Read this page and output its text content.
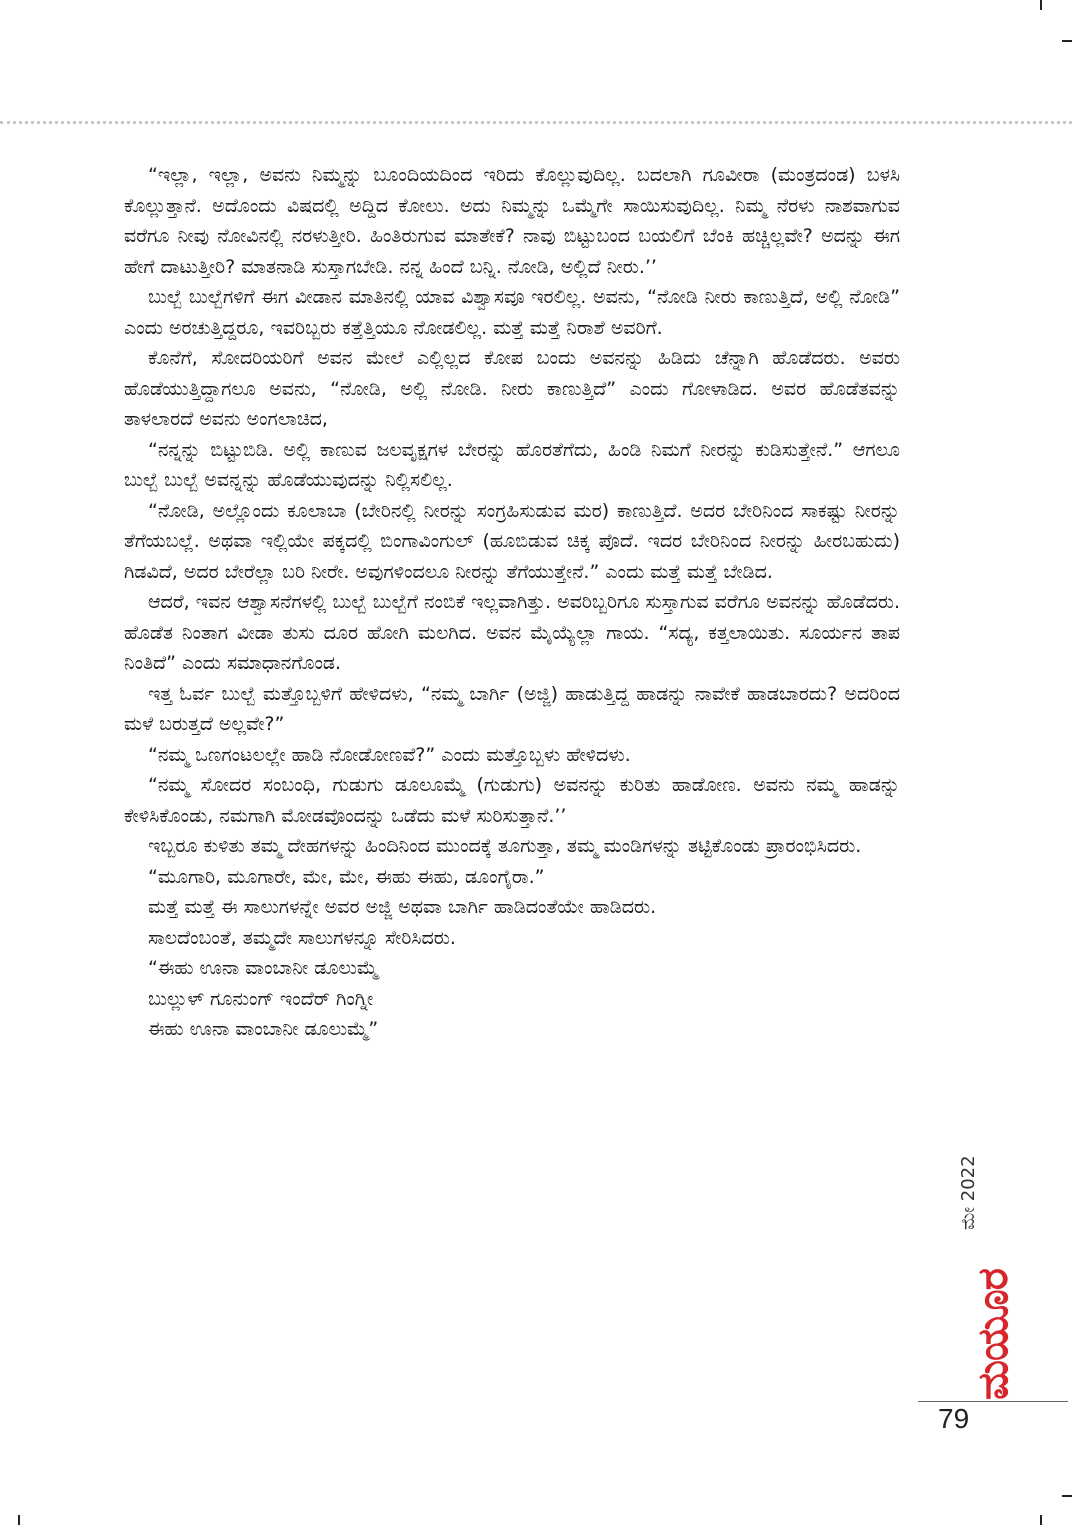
“ಇಲ್ಲಾ, ಇಲ್ಲಾ, ಅವನು ನಿಮ್ಮನ್ನು ಬೂಂದಿಯದಿಂದ ಇರಿದು ಕೊಲ್ಲುವುದಿಲ್ಲ. ಬದಲಾಗಿ ಗೂವೀರಾ (ಮಂತ್ರದಂಡ) ಬಳಸಿ ಕೊಲ್ಲುತ್ತಾನೆ. ಅದೊಂದು ವಿಷದಲ್ಲಿ ಅದ್ದಿದ ಕೋಲು. ಅದು ನಿಮ್ಮನ್ನು ಒಮ್ಮೆಗೇ ಸಾಯಿಸುವುದಿಲ್ಲ. ನಿಮ್ಮ ನೆರಳು ನಾಶವಾಗುವ ವರೆಗೂ ನೀವು ನೋವಿನಲ್ಲಿ ನರಳುತ್ತೀರಿ. ಹಿಂತಿರುಗುವ ಮಾತೇಕೆ? ನಾವು ಬಿಟ್ಟುಬಂದ ಬಯಲಿಗೆ ಬೆಂಕಿ ಹಚ್ಚಿಲ್ಲವೇ? ಅದನ್ನು ಈಗ ಹೇಗೆ ದಾಟುತ್ತೀರಿ? ಮಾತನಾಡಿ ಸುಸ್ತಾಗಬೇಡಿ. ನನ್ನ ಹಿಂದೆ ಬನ್ನಿ. ನೋಡಿ, ಅಲ್ಲಿದೆ ನೀರು.’’

ಬುಲ್ಬೆ ಬುಲ್ಬೆಗಳಿಗೆ ಈಗ ವೀಡಾನ ಮಾತಿನಲ್ಲಿ ಯಾವ ವಿಶ್ವಾಸವೂ ಇರಲಿಲ್ಲ. ಅವನು, “ನೋಡಿ ನೀರು ಕಾಣುತ್ತಿದೆ, ಅಲ್ಲಿ ನೋಡಿ” ಎಂದು ಅರಚುತ್ತಿದ್ದರೂ, ಇವರಿಬ್ಬರು ಕತ್ತೆತ್ತಿಯೂ ನೋಡಲಿಲ್ಲ. ಮತ್ತೆ ಮತ್ತೆ ನಿರಾಶೆ ಅವರಿಗೆ.

ಕೊನೆಗೆ, ಸೋದರಿಯರಿಗೆ ಅವನ ಮೇಲೆ ಎಲ್ಲಿಲ್ಲದ ಕೋಪ ಬಂದು ಅವನನ್ನು ಹಿಡಿದು ಚೆನ್ನಾಗಿ ಹೊಡೆದರು. ಅವರು ಹೊಡೆಯುತ್ತಿದ್ದಾಗಲೂ ಅವನು, “ನೋಡಿ, ಅಲ್ಲಿ ನೋಡಿ. ನೀರು ಕಾಣುತ್ತಿದೆ” ಎಂದು ಗೋಳಾಡಿದ. ಅವರ ಹೊಡೆತವನ್ನು ತಾಳಲಾರದೆ ಅವನು ಅಂಗಲಾಚಿದ,

“ನನ್ನನ್ನು ಬಿಟ್ಟುಬಿಡಿ. ಅಲ್ಲಿ ಕಾಣುವ ಜಲವೃಕ್ಷಗಳ ಬೇರನ್ನು ಹೊರತೆಗೆದು, ಹಿಂಡಿ ನಿಮಗೆ ನೀರನ್ನು ಕುಡಿಸುತ್ತೇನೆ.” ಆಗಲೂ ಬುಲ್ಬೆ ಬುಲ್ಬೆ ಅವನ್ನನ್ನು ಹೊಡೆಯುವುದನ್ನು ನಿಲ್ಲಿಸಲಿಲ್ಲ.

“ನೋಡಿ, ಅಲ್ಲೊಂದು ಕೂಲಾಬಾ (ಬೇರಿನಲ್ಲಿ ನೀರನ್ನು ಸಂಗ್ರಹಿಸುಡುವ ಮರ) ಕಾಣುತ್ತಿದೆ. ಅದರ ಬೇರಿನಿಂದ ಸಾಕಷ್ಟು ನೀರನ್ನು ತೆಗೆಯಬಲ್ಲೆ. ಅಥವಾ ಇಲ್ಲಿಯೇ ಪಕ್ಕದಲ್ಲಿ ಬಿಂಗಾವಿಂಗುಲ್ (ಹೂಬಿಡುವ ಚಿಕ್ಕ ಪೊದೆ. ಇದರ ಬೇರಿನಿಂದ ನೀರನ್ನು ಹೀರಬಹುದು) ಗಿಡವಿದೆ, ಅದರ ಬೇರೆಲ್ಲಾ ಬರಿ ನೀರೇ. ಅವುಗಳಿಂದಲೂ ನೀರನ್ನು ತೆಗೆಯುತ್ತೇನೆ.” ಎಂದು ಮತ್ತೆ ಮತ್ತೆ ಬೇಡಿದ.

ಆದರೆ, ಇವನ ಆಶ್ವಾಸನೆಗಳಲ್ಲಿ ಬುಲ್ಬೆ ಬುಲ್ಬೆಗೆ ನಂಬಿಕೆ ಇಲ್ಲವಾಗಿತ್ತು. ಅವರಿಬ್ಬರಿಗೂ ಸುಸ್ತಾಗುವ ವರೆಗೂ ಅವನನ್ನು ಹೊಡೆದರು. ಹೊಡೆತ ನಿಂತಾಗ ವೀಡಾ ತುಸು ದೂರ ಹೋಗಿ ಮಲಗಿದ. ಅವನ ಮೈಯ್ಯೆಲ್ಲಾ ಗಾಯ. “ಸದ್ಯ, ಕತ್ತಲಾಯಿತು. ಸೂರ್ಯನ ತಾಪ ನಿಂತಿದೆ” ಎಂದು ಸಮಾಧಾನಗೊಂಡ.

ಇತ್ತ ಓರ್ವ ಬುಲ್ಬೆ ಮತ್ತೊಬ್ಬಳಿಗೆ ಹೇಳಿದಳು, “ನಮ್ಮ ಬಾರ್ಗಿ (ಅಜ್ಜಿ) ಹಾಡುತ್ತಿದ್ದ ಹಾಡನ್ನು ನಾವೇಕೆ ಹಾಡಬಾರದು? ಅದರಿಂದ ಮಳೆ ಬರುತ್ತದೆ ಅಲ್ಲವೇ?”

“ನಮ್ಮ ಒಣಗಂಟಲಲ್ಲೇ ಹಾಡಿ ನೋಡೋಣವೆ?” ಎಂದು ಮತ್ತೊಬ್ಬಳು ಹೇಳಿದಳು.

“ನಮ್ಮ ಸೋದರ ಸಂಬಂಧಿ, ಗುಡುಗು ಡೂಲೂಮ್ಮೆ (ಗುಡುಗು) ಅವನನ್ನು ಕುರಿತು ಹಾಡೋಣ. ಅವನು ನಮ್ಮ ಹಾಡನ್ನು ಕೇಳಿಸಿಕೊಂಡು, ನಮಗಾಗಿ ಮೋಡವೊಂದನ್ನು ಒಡೆದು ಮಳೆ ಸುರಿಸುತ್ತಾನೆ.’’

ಇಬ್ಬರೂ ಕುಳಿತು ತಮ್ಮ ದೇಹಗಳನ್ನು ಹಿಂದಿನಿಂದ ಮುಂದಕ್ಕೆ ತೂಗುತ್ತಾ, ತಮ್ಮ ಮಂಡಿಗಳನ್ನು ತಟ್ಟಿಕೊಂಡು ಪ್ರಾರಂಭಿಸಿದರು.

“ಮೂಗಾರಿ, ಮೂಗಾರೇ, ಮೇ, ಮೇ, ಈಹು ಈಹು, ಡೂಂಗೈರಾ.”

ಮತ್ತೆ ಮತ್ತೆ ಈ ಸಾಲುಗಳನ್ನೇ ಅವರ ಅಜ್ಜಿ ಅಥವಾ ಬಾರ್ಗಿ ಹಾಡಿದಂತೆಯೇ ಹಾಡಿದರು.

ಸಾಲದೆಂಬಂತೆ, ತಮ್ಮದೇ ಸಾಲುಗಳನ್ನೂ ಸೇರಿಸಿದರು.

“ಈಹು ಊನಾ ವಾಂಬಾನೀ ಡೂಲುಮ್ಮೆ

ಬುಲ್ಲುಳ್ ಗೂನುಂಗ್ ಇಂದೆರ್ ಗಿಂಗ್ನೀ

ಈಹು ಊನಾ ವಾಂಬಾನೀ ಡೂಲುಮ್ಮೆ”

ಮೇ 2022
ಮಯೂರ
79
